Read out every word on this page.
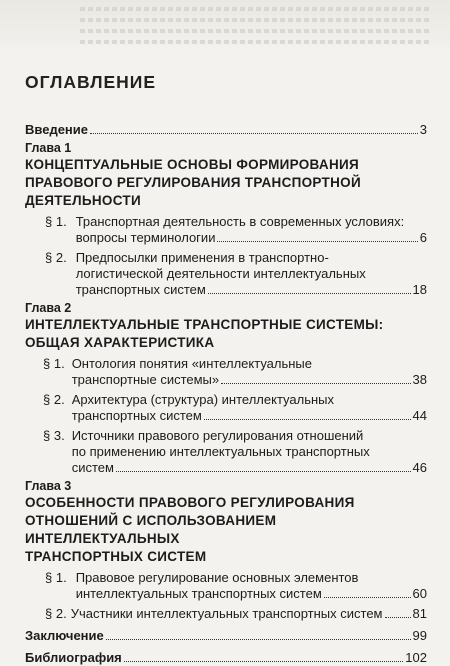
ОГЛАВЛЕНИЕ
Введение	3
Глава 1
КОНЦЕПТУАЛЬНЫЕ ОСНОВЫ ФОРМИРОВАНИЯ
ПРАВОВОГО РЕГУЛИРОВАНИЯ ТРАНСПОРТНОЙ
ДЕЯТЕЛЬНОСТИ
§ 1. Транспортная деятельность в современных условиях:
вопросы терминологии	6
§ 2. Предпосылки применения в транспортно-
логистической деятельности интеллектуальных
транспортных систем	18
Глава 2
ИНТЕЛЛЕКТУАЛЬНЫЕ ТРАНСПОРТНЫЕ СИСТЕМЫ:
ОБЩАЯ ХАРАКТЕРИСТИКА
§ 1. Онтология понятия «интеллектуальные
транспортные системы»	38
§ 2. Архитектура (структура) интеллектуальных
транспортных систем	44
§ 3. Источники правового регулирования отношений
по применению интеллектуальных транспортных
систем	46
Глава 3
ОСОБЕННОСТИ ПРАВОВОГО РЕГУЛИРОВАНИЯ
ОТНОШЕНИЙ С ИСПОЛЬЗОВАНИЕМ ИНТЕЛЛЕКТУАЛЬНЫХ
ТРАНСПОРТНЫХ СИСТЕМ
§ 1. Правовое регулирование основных элементов
интеллектуальных транспортных систем	60
§ 2. Участники интеллектуальных транспортных систем 81
Заключение	99
Библиография	102
